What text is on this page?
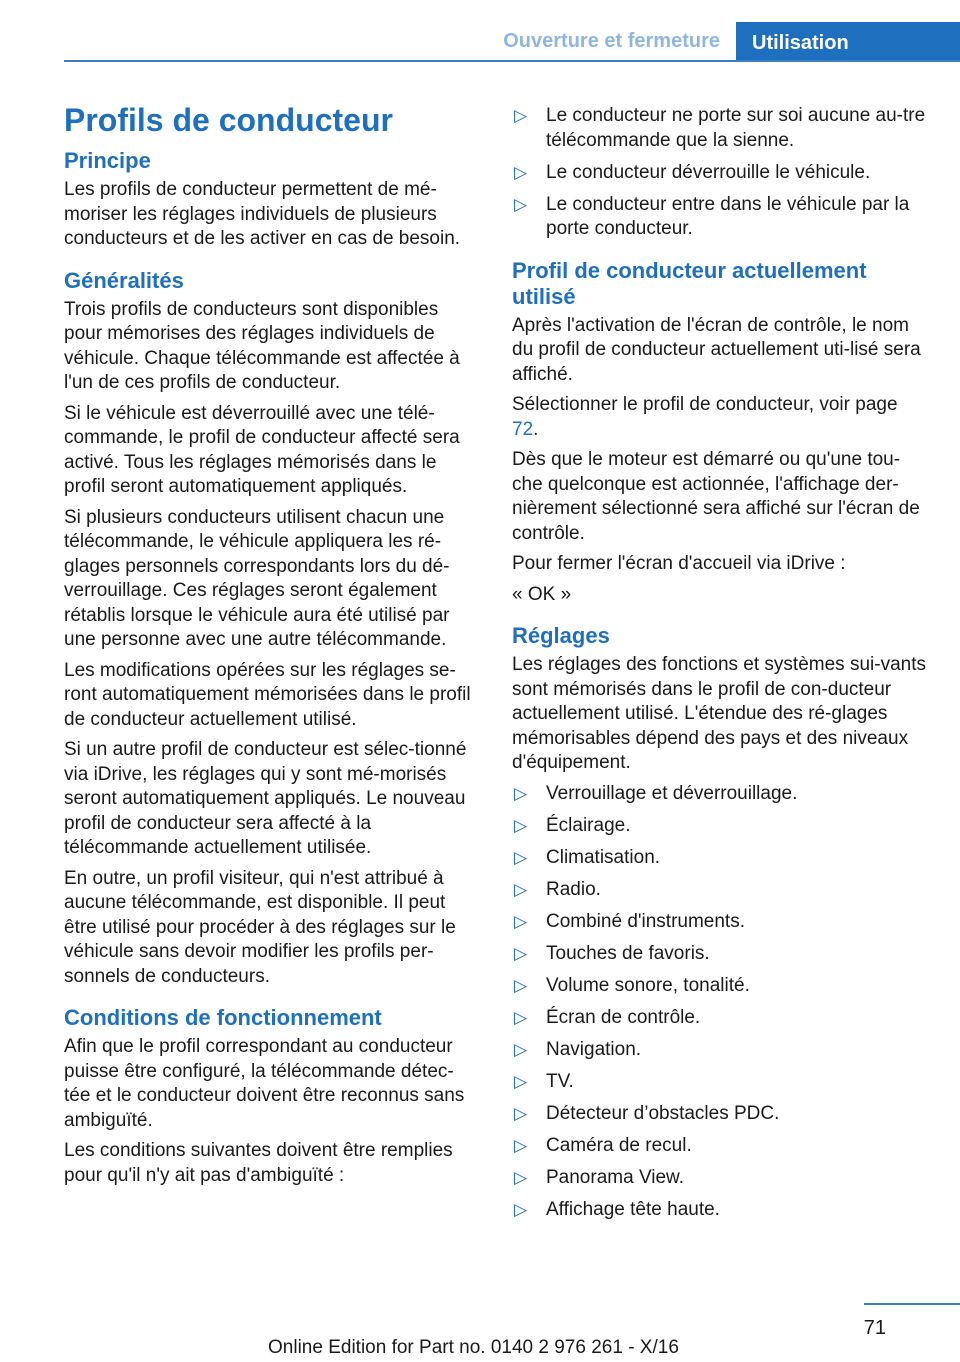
Ouverture et fermeture	Utilisation
Profils de conducteur
Principe

Les profils de conducteur permettent de mé-moriser les réglages individuels de plusieurs conducteurs et de les activer en cas de besoin.

Généralités

Trois profils de conducteurs sont disponibles pour mémorises des réglages individuels de véhicule. Chaque télécommande est affectée à l'un de ces profils de conducteur.

Si le véhicule est déverrouillé avec une télé-commande, le profil de conducteur affecté sera activé. Tous les réglages mémorisés dans le profil seront automatiquement appliqués.

Si plusieurs conducteurs utilisent chacun une télécommande, le véhicule appliquera les ré-glages personnels correspondants lors du dé-verrouillage. Ces réglages seront également rétablis lorsque le véhicule aura été utilisé par une personne avec une autre télécommande.

Les modifications opérées sur les réglages se-ront automatiquement mémorisées dans le profil de conducteur actuellement utilisé.

Si un autre profil de conducteur est sélec-tionné via iDrive, les réglages qui y sont mé-morisés seront automatiquement appliqués. Le nouveau profil de conducteur sera affecté à la télécommande actuellement utilisée.

En outre, un profil visiteur, qui n'est attribué à aucune télécommande, est disponible. Il peut être utilisé pour procéder à des réglages sur le véhicule sans devoir modifier les profils per-sonnels de conducteurs.

Conditions de fonctionnement

Afin que le profil correspondant au conducteur puisse être configuré, la télécommande détec-tée et le conducteur doivent être reconnus sans ambiguïté.

Les conditions suivantes doivent être remplies pour qu'il n'y ait pas d'ambiguïté :

▷ Le conducteur ne porte sur soi aucune au-tre télécommande que la sienne.
▷ Le conducteur déverrouille le véhicule.
▷ Le conducteur entre dans le véhicule par la porte conducteur.
Profil de conducteur actuellement utilisé

Après l'activation de l'écran de contrôle, le nom du profil de conducteur actuellement uti-lisé sera affiché.

Sélectionner le profil de conducteur, voir page 72.

Dès que le moteur est démarré ou qu'une tou-che quelconque est actionnée, l'affichage der-nièrement sélectionné sera affiché sur l'écran de contrôle.

Pour fermer l'écran d'accueil via iDrive :

« OK »

Réglages

Les réglages des fonctions et systèmes sui-vants sont mémorisés dans le profil de con-ducteur actuellement utilisé. L'étendue des ré-glages mémorisables dépend des pays et des niveaux d'équipement.

▷ Verrouillage et déverrouillage.
▷ Éclairage.
▷ Climatisation.
▷ Radio.
▷ Combiné d'instruments.
▷ Touches de favoris.
▷ Volume sonore, tonalité.
▷ Écran de contrôle.
▷ Navigation.
▷ TV.
▷ Détecteur d’obstacles PDC.
▷ Caméra de recul.
▷ Panorama View.
▷ Affichage tête haute.
71
Online Edition for Part no. 0140 2 976 261 - X/16
